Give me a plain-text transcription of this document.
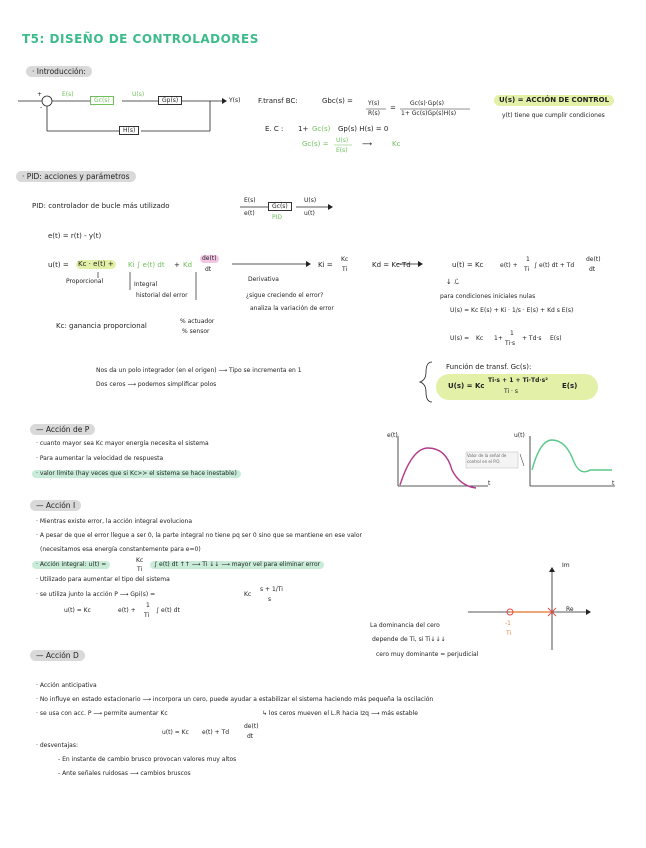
T5: DISEÑO DE CONTROLADORES
· Introducción:
+
-
E(s)
Gc(s)
U(s)
Gp(s)	Y(s)
H(s)
F.transf BC:	Gbc(s) =	Y(s)
R(s)
=
Gc(s)·Gp(s)
1+ Gc(s)Gp(s)H(s)
E. C : 1+ Gc(s) Gp(s) H(s) = 0
Gc(s) = U(s)
E(s)
⟶	Kc
U(s) = ACCIÓN DE CONTROL
y(t) tiene que cumplir condiciones
· PID: acciones y parámetros
PID: controlador de bucle más utilizado
E(s)
e(t)
Gc(s)
PID
U(s)
u(t)
e(t) = r(t) - y(t)
u(t) = Kc · e(t) + Ki ∫ e(t) dt + Kd
de(t)
dt
Proporcional	Integral
historial del error
Derivativa
¿sigue creciendo el error?
analiza la variación de error
Ki =
Kc
Ti
Kd = Kc·Td	u(t) = Kc	e(t) +
1
Ti
∫ e(t) dt + Td
de(t)
dt
↓ ℒ
para condiciones iniciales nulas
U(s) = Kc E(s) + Ki · 1/s · E(s) + Kd s E(s)
U(s) = Kc 1+
1
Ti·s
+ Td·s E(s)
Kc: ganancia proporcional
% actuador
% sensor
Nos da un polo integrador (en el origen) ⟶ Tipo se incrementa en 1
Dos ceros ⟶ podemos simplificar polos
Función de transf. Gc(s):
U(s) = Kc
Ti·s + 1 + Ti·Td·s²
Ti · s
E(s)
— Acción de P
· cuanto mayor sea Kc mayor energía necesita el sistema
· Para aumentar la velocidad de respuesta
· valor límite (hay veces que si Kc>> el sistema se hace inestable)
e(t)
t
u(t)
t
Valor de la señal de control en el P.O.
— Acción I
· Mientras existe error, la acción integral evoluciona
· A pesar de que el error llegue a ser 0, la parte integral no tiene pq ser 0 sino que se mantiene en ese valor
(necesitamos esa energía constantemente para e=0)
· Acción integral: u(t) =
Kc
Ti
∫ e(t) dt ↑↑ ⟶ Ti ↓↓ ⟶ mayor vel para eliminar error
· Utilizado para aumentar el tipo del sistema
· se utiliza junto la acción P ⟶ Gpi(s) =	Kc
s + 1/Ti
s
u(t) = Kc	e(t) +
1
Ti
∫ e(t) dt
Im
Re
-1
Ti
La dominancia del cero
depende de Ti, si Ti↓↓↓
cero muy dominante = perjudicial
— Acción D
· Acción anticipativa
· No influye en estado estacionario ⟶ incorpora un cero, puede ayudar a estabilizar el sistema haciendo más pequeña la oscilación
· se usa con acc. P ⟶ permite aumentar Kc	↳ los ceros mueven el L.R hacia Izq ⟶ más estable
u(t) = Kc e(t) + Td
de(t)
dt
· desventajas:
- En instante de cambio brusco provocan valores muy altos
- Ante señales ruidosas ⟶ cambios bruscos
